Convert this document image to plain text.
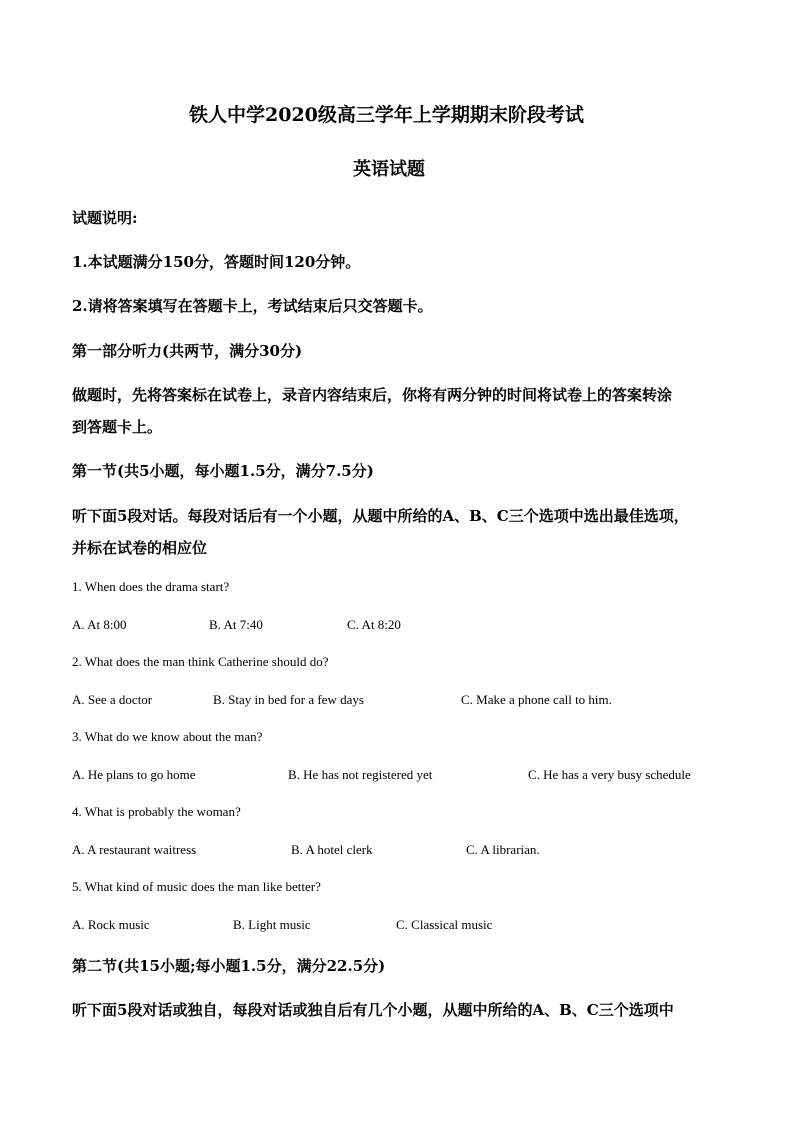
铁人中学2020级高三学年上学期期末阶段考试
英语试题
试题说明:
1.本试题满分150分，答题时间120分钟。
2.请将答案填写在答题卡上，考试结束后只交答题卡。
第一部分听力(共两节，满分30分)
做题时，先将答案标在试卷上，录音内容结束后，你将有两分钟的时间将试卷上的答案转涂
到答题卡上。
第一节(共5小题，每小题1.5分，满分7.5分)
听下面5段对话。每段对话后有一个小题，从题中所给的A、B、C三个选项中选出最佳选项，
并标在试卷的相应位
1. When does the drama start?
A. At 8:00	B. At 7:40	C. At 8:20
2. What does the man think Catherine should do?
A. See a doctor	B. Stay in bed for a few days	C. Make a phone call to him.
3. What do we know about the man?
A. He plans to go home	B. He has not registered yet	C. He has a very busy schedule
4. What is probably the woman?
A. A restaurant waitress	B. A hotel clerk	C. A librarian.
5. What kind of music does the man like better?
A. Rock music	B. Light music	C. Classical music
第二节(共15小题;每小题1.5分，满分22.5分)
听下面5段对话或独自，每段对话或独自后有几个小题，从题中所给的A、B、C三个选项中
